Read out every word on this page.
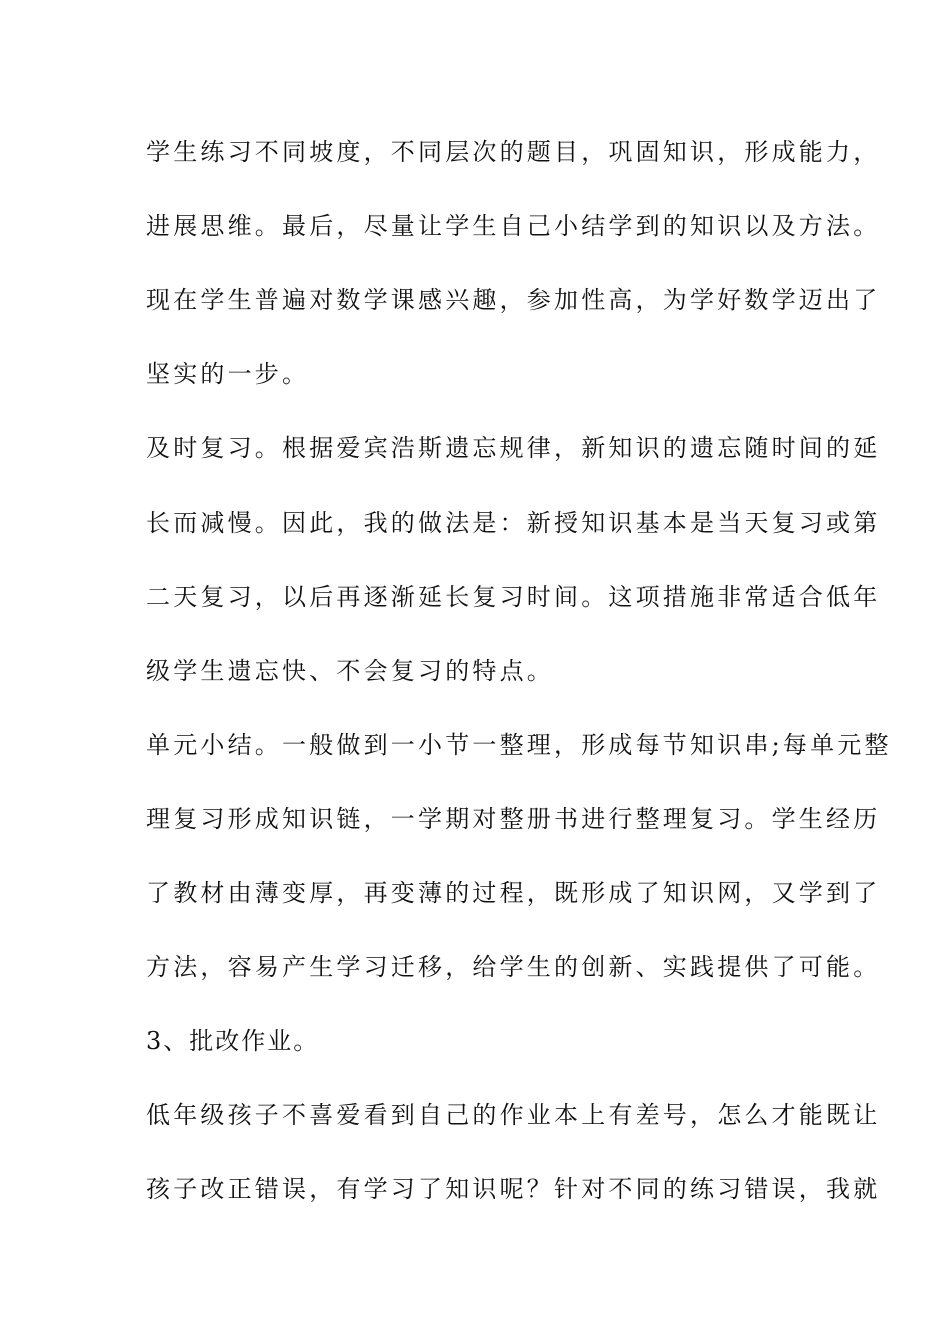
学生练习不同坡度，不同层次的题目，巩固知识，形成能力，

进展思维。最后，尽量让学生自己小结学到的知识以及方法。

现在学生普遍对数学课感兴趣，参加性高，为学好数学迈出了

坚实的一步。

及时复习。根据爱宾浩斯遗忘规律，新知识的遗忘随时间的延

长而减慢。因此，我的做法是：新授知识基本是当天复习或第

二天复习，以后再逐渐延长复习时间。这项措施非常适合低年

级学生遗忘快、不会复习的特点。

单元小结。一般做到一小节一整理，形成每节知识串;每单元整

理复习形成知识链，一学期对整册书进行整理复习。学生经历

了教材由薄变厚，再变薄的过程，既形成了知识网，又学到了

方法，容易产生学习迁移，给学生的创新、实践提供了可能。

3、批改作业。

低年级孩子不喜爱看到自己的作业本上有差号，怎么才能既让

孩子改正错误，有学习了知识呢？针对不同的练习错误，我就
